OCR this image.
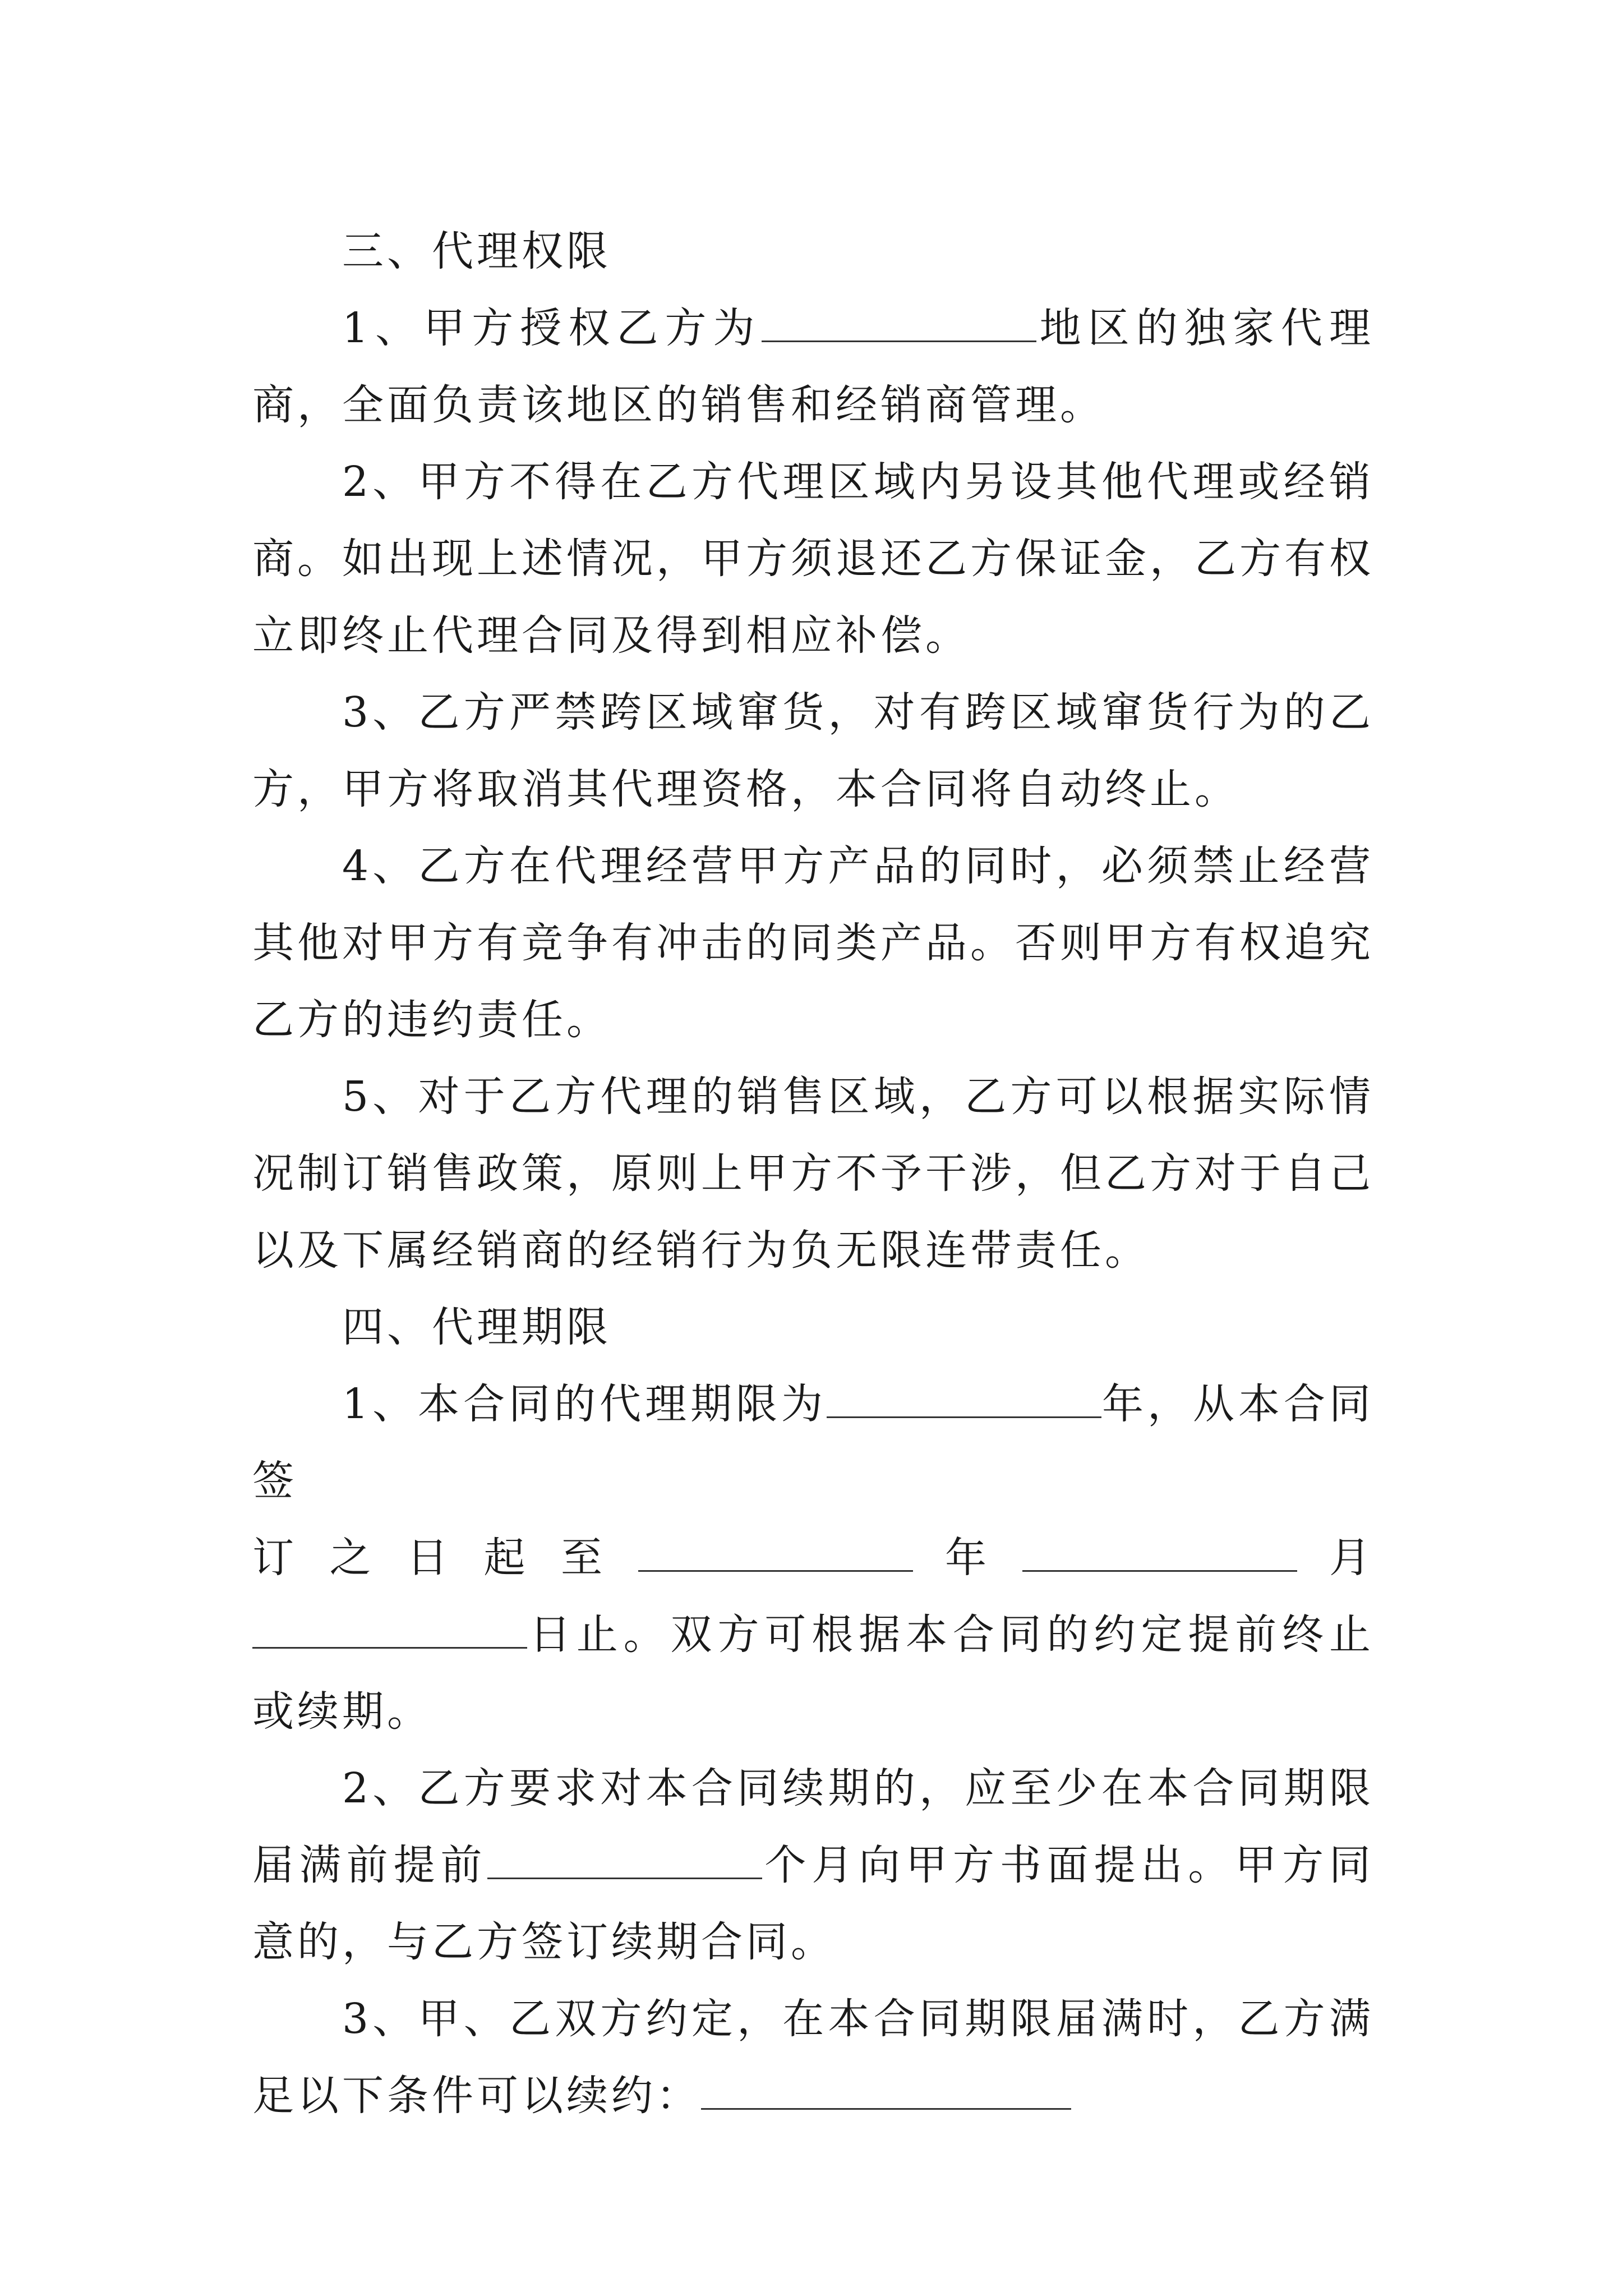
三、代理权限

1、甲方授权乙方为	地区的独家代理商，全面负责该地区的销售和经销商管理。

2、甲方不得在乙方代理区域内另设其他代理或经销商。如出现上述情况，甲方须退还乙方保证金，乙方有权立即终止代理合同及得到相应补偿。

3、乙方严禁跨区域窜货，对有跨区域窜货行为的乙方，甲方将取消其代理资格，本合同将自动终止。

4、乙方在代理经营甲方产品的同时，必须禁止经营其他对甲方有竞争有冲击的同类产品。否则甲方有权追究乙方的违约责任。

5、对于乙方代理的销售区域，乙方可以根据实际情况制订销售政策，原则上甲方不予干涉，但乙方对于自己以及下属经销商的经销行为负无限连带责任。

四、代理期限

1、本合同的代理期限为	年，从本合同签

订 之 日 起 至	年	月

日止。双方可根据本合同的约定提前终止或续期。

2、乙方要求对本合同续期的，应至少在本合同期限届满前提前	个月向甲方书面提出。甲方同意的，与乙方签订续期合同。

3、甲、乙双方约定，在本合同期限届满时，乙方满足以下条件可以续约：
